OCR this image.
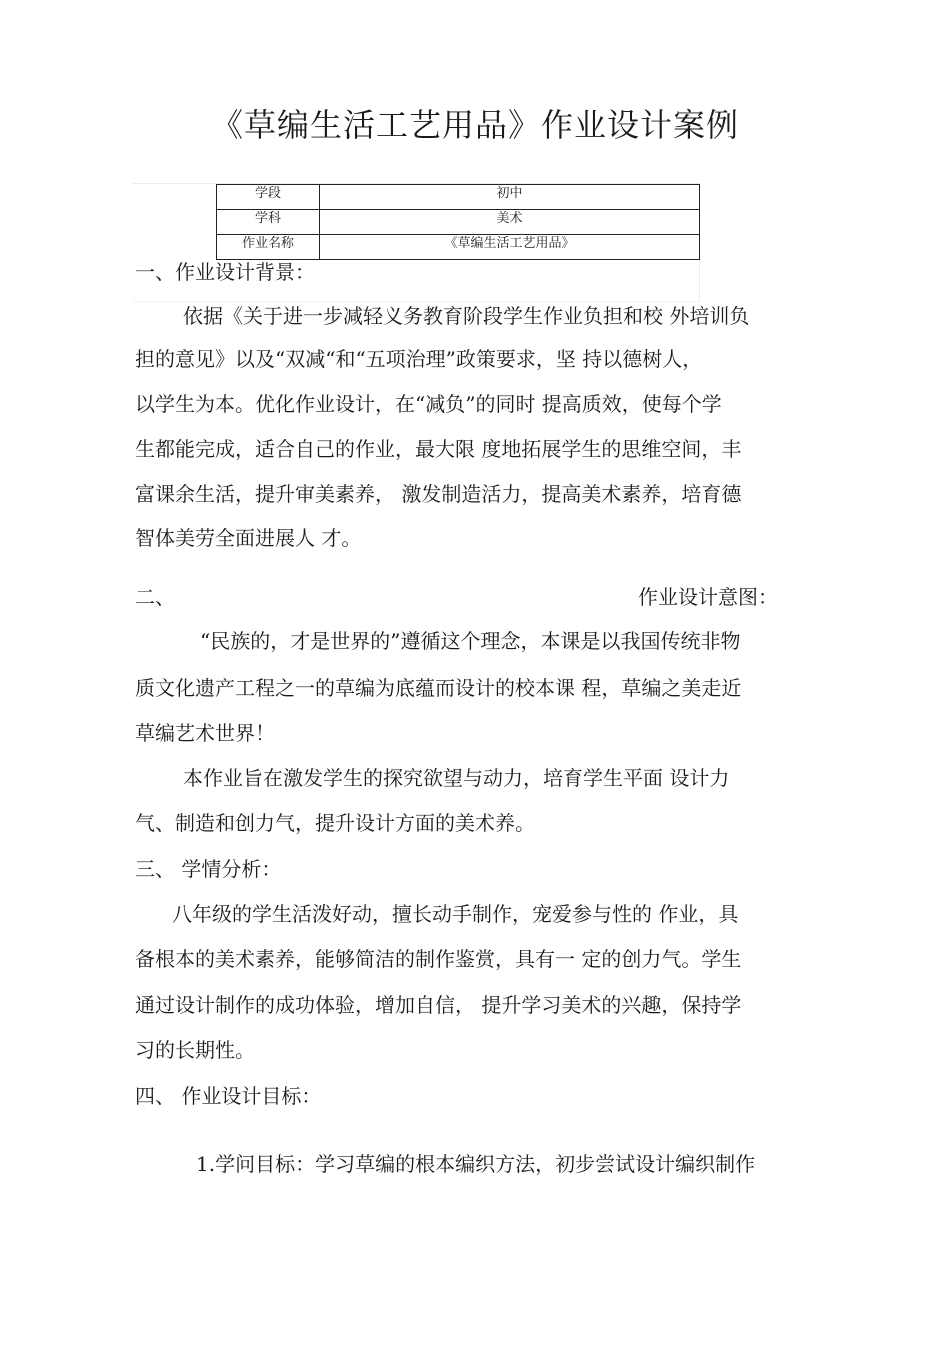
《草编生活工艺用品》作业设计案例
学段	初中
学科	美术
作业名称	《草编生活工艺用品》
一、作业设计背景：
依据《关于进一步减轻义务教育阶段学生作业负担和校 外培训负
担的意见》以及“双减“和“五项治理”政策要求，坚 持以德树人，
以学生为本。优化作业设计，在“减负”的同时 提高质效，使每个学
生都能完成，适合自己的作业，最大限 度地拓展学生的思维空间，丰
富课余生活，提升审美素养， 激发制造活力，提高美术素养，培育德
智体美劳全面进展人 才。
二、	作业设计意图：
“民族的，才是世界的”遵循这个理念，本课是以我国传统非物
质文化遗产工程之一的草编为底蕴而设计的校本课 程，草编之美走近
草编艺术世界！
本作业旨在激发学生的探究欲望与动力，培育学生平面 设计力
气、制造和创力气，提升设计方面的美术养。
三、 学情分析：
八年级的学生活泼好动，擅长动手制作，宠爱参与性的 作业，具
备根本的美术素养，能够简洁的制作鉴赏，具有一 定的创力气。学生
通过设计制作的成功体验，增加自信， 提升学习美术的兴趣，保持学
习的长期性。
四、 作业设计目标：
1.学问目标：学习草编的根本编织方法，初步尝试设计编织制作
